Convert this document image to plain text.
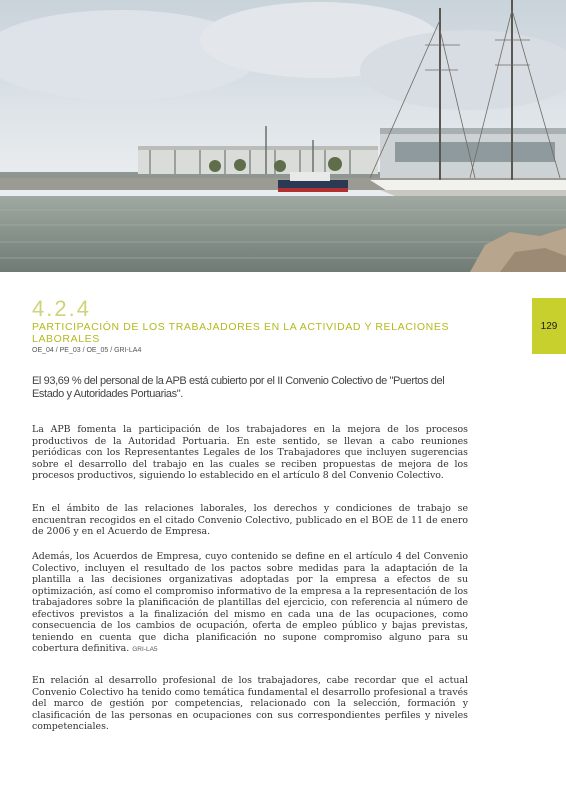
129
4.2.4
PARTICIPACIÓN DE LOS TRABAJADORES EN LA ACTIVIDAD Y RELACIONES LABORALES
OE_04 / PE_03 / OE_05 / GRI-LA4
El 93,69 % del personal de la APB está cubierto por el II Convenio Colectivo de "Puertos del Estado y Autoridades Portuarias".

La APB fomenta la participación de los trabajadores en la mejora de los procesos productivos de la Autoridad Portuaria. En este sentido, se llevan a cabo reuniones periódicas con los Representantes Legales de los Trabajadores que incluyen sugerencias sobre el desarrollo del trabajo en las cuales se reciben propuestas de mejora de los procesos productivos, siguiendo lo establecido en el artículo 8 del Convenio Colectivo.

En el ámbito de las relaciones laborales, los derechos y condiciones de trabajo se encuentran recogidos en el citado Convenio Colectivo, publicado en el BOE de 11 de enero de 2006 y en el Acuerdo de Empresa.

Además, los Acuerdos de Empresa, cuyo contenido se define en el artículo 4 del Convenio Colectivo, incluyen el resultado de los pactos sobre medidas para la adaptación de la plantilla a las decisiones organizativas adoptadas por la empresa a efectos de su optimización, así como el compromiso informativo de la empresa a la representación de los trabajadores sobre la planificación de plantillas del ejercicio, con referencia al número de efectivos previstos a la finalización del mismo en cada una de las ocupaciones, como consecuencia de los cambios de ocupación, oferta de empleo público y bajas previstas, teniendo en cuenta que dicha planificación no supone compromiso alguno para su cobertura definitiva. GRI-LA5

En relación al desarrollo profesional de los trabajadores, cabe recordar que el actual Convenio Colectivo ha tenido como temática fundamental el desarrollo profesional a través del marco de gestión por competencias, relacionado con la selección, formación y clasificación de las personas en ocupaciones con sus correspondientes perfiles y niveles competenciales.
